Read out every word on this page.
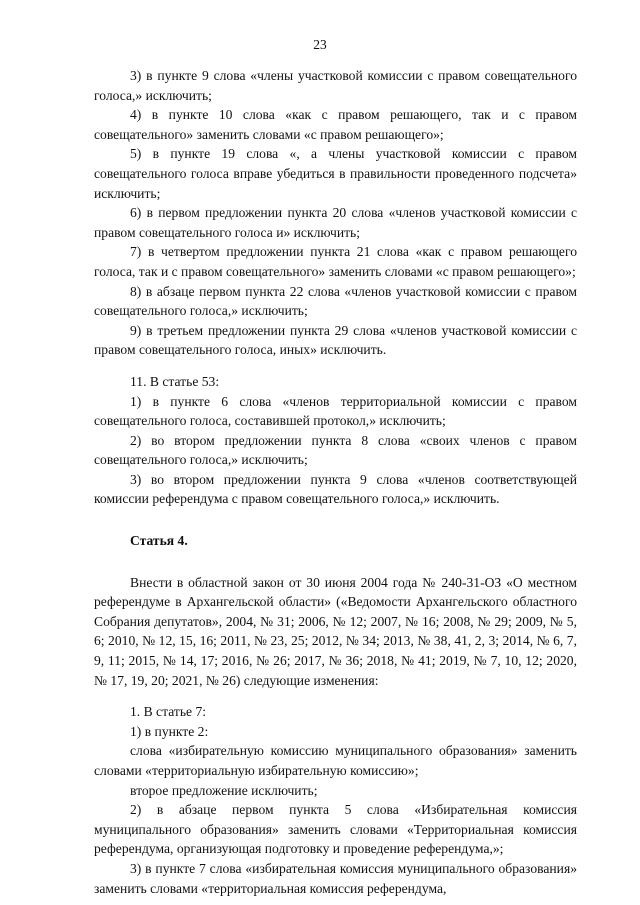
23

3) в пункте 9 слова «члены участковой комиссии с правом совещательного голоса,» исключить;

4) в пункте 10 слова «как с правом решающего, так и с правом совещательного» заменить словами «с правом решающего»;

5) в пункте 19 слова «, а члены участковой комиссии с правом совещательного голоса вправе убедиться в правильности проведенного подсчета» исключить;

6) в первом предложении пункта 20 слова «членов участковой комиссии с правом совещательного голоса и» исключить;

7) в четвертом предложении пункта 21 слова «как с правом решающего голоса, так и с правом совещательного» заменить словами «с правом решающего»;

8) в абзаце первом пункта 22 слова «членов участковой комиссии с правом совещательного голоса,» исключить;

9) в третьем предложении пункта 29 слова «членов участковой комиссии с правом совещательного голоса, иных» исключить.

11. В статье 53:

1) в пункте 6 слова «членов территориальной комиссии с правом совещательного голоса, составившей протокол,» исключить;

2) во втором предложении пункта 8 слова «своих членов с правом совещательного голоса,» исключить;

3) во втором предложении пункта 9 слова «членов соответствующей комиссии референдума с правом совещательного голоса,» исключить.

Статья 4.

Внести в областной закон от 30 июня 2004 года № 240-31-ОЗ «О местном референдуме в Архангельской области» («Ведомости Архангельского областного Собрания депутатов», 2004, № 31; 2006, № 12; 2007, № 16; 2008, № 29; 2009, № 5, 6; 2010, № 12, 15, 16; 2011, № 23, 25; 2012, № 34; 2013, № 38, 41, 2, 3; 2014, № 6, 7, 9, 11; 2015, № 14, 17; 2016, № 26; 2017, № 36; 2018, № 41; 2019, № 7, 10, 12; 2020, № 17, 19, 20; 2021, № 26) следующие изменения:

1. В статье 7:

1) в пункте 2:

слова «избирательную комиссию муниципального образования» заменить словами «территориальную избирательную комиссию»;

второе предложение исключить;

2) в абзаце первом пункта 5 слова «Избирательная комиссия муниципального образования» заменить словами «Территориальная комиссия референдума, организующая подготовку и проведение референдума,»;

3) в пункте 7 слова «избирательная комиссия муниципального образования» заменить словами «территориальная комиссия референдума,
